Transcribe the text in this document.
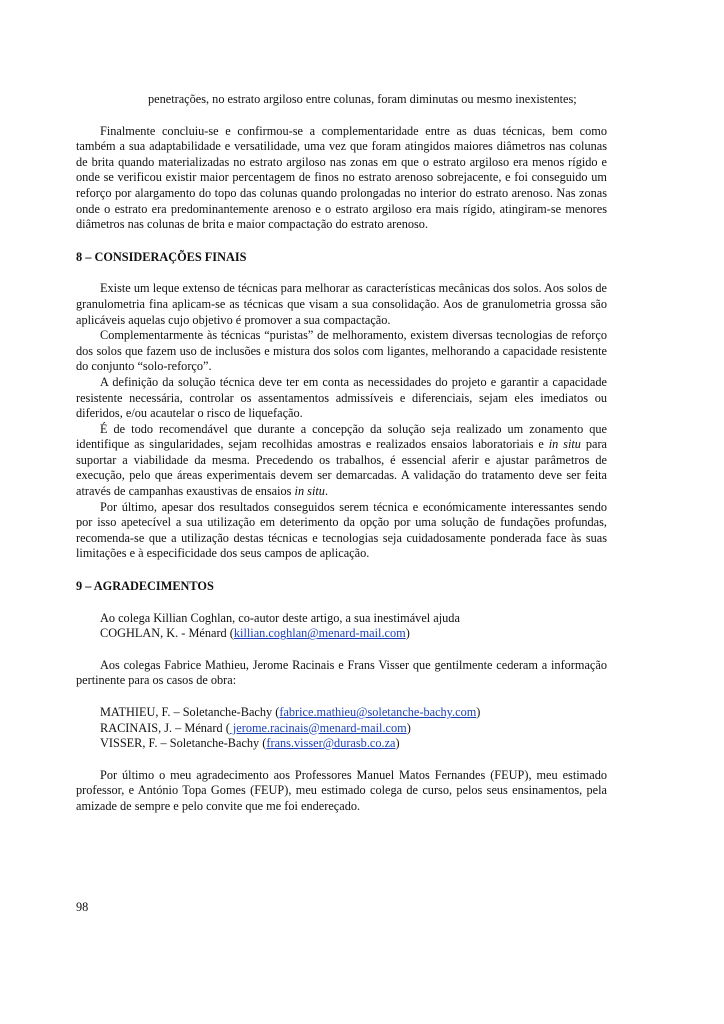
penetrações, no estrato argiloso entre colunas, foram diminutas ou mesmo inexistentes;

Finalmente concluiu-se e confirmou-se a complementaridade entre as duas técnicas, bem como também a sua adaptabilidade e versatilidade, uma vez que foram atingidos maiores diâmetros nas colunas de brita quando materializadas no estrato argiloso nas zonas em que o estrato argiloso era menos rígido e onde se verificou existir maior percentagem de finos no estrato arenoso sobrejacente, e foi conseguido um reforço por alargamento do topo das colunas quando prolongadas no interior do estrato arenoso. Nas zonas onde o estrato era predominantemente arenoso e o estrato argiloso era mais rígido, atingiram-se menores diâmetros nas colunas de brita e maior compactação do estrato arenoso.

8 – CONSIDERAÇÕES FINAIS

Existe um leque extenso de técnicas para melhorar as características mecânicas dos solos. Aos solos de granulometria fina aplicam-se as técnicas que visam a sua consolidação. Aos de granulometria grossa são aplicáveis aquelas cujo objetivo é promover a sua compactação.

Complementarmente às técnicas “puristas” de melhoramento, existem diversas tecnologias de reforço dos solos que fazem uso de inclusões e mistura dos solos com ligantes, melhorando a capacidade resistente do conjunto “solo-reforço”.

A definição da solução técnica deve ter em conta as necessidades do projeto e garantir a capacidade resistente necessária, controlar os assentamentos admissíveis e diferenciais, sejam eles imediatos ou diferidos, e/ou acautelar o risco de liquefação.

É de todo recomendável que durante a concepção da solução seja realizado um zonamento que identifique as singularidades, sejam recolhidas amostras e realizados ensaios laboratoriais e in situ para suportar a viabilidade da mesma. Precedendo os trabalhos, é essencial aferir e ajustar parâmetros de execução, pelo que áreas experimentais devem ser demarcadas. A validação do tratamento deve ser feita através de campanhas exaustivas de ensaios in situ.

Por último, apesar dos resultados conseguidos serem técnica e económicamente interessantes sendo por isso apetecível a sua utilização em deterimento da opção por uma solução de fundações profundas, recomenda-se que a utilização destas técnicas e tecnologias seja cuidadosamente ponderada face às suas limitações e à especificidade dos seus campos de aplicação.

9 – AGRADECIMENTOS

Ao colega Killian Coghlan, co-autor deste artigo, a sua inestimável ajuda

COGHLAN, K. - Ménard (killian.coghlan@menard-mail.com)

Aos colegas Fabrice Mathieu, Jerome Racinais e Frans Visser que gentilmente cederam a informação pertinente para os casos de obra:

MATHIEU, F. – Soletanche-Bachy (fabrice.mathieu@soletanche-bachy.com)

RACINAIS, J. – Ménard ( jerome.racinais@menard-mail.com)

VISSER, F. – Soletanche-Bachy (frans.visser@durasb.co.za)

Por último o meu agradecimento aos Professores Manuel Matos Fernandes (FEUP), meu estimado professor, e António Topa Gomes (FEUP), meu estimado colega de curso, pelos seus ensinamentos, pela amizade de sempre e pelo convite que me foi endereçado.

98
